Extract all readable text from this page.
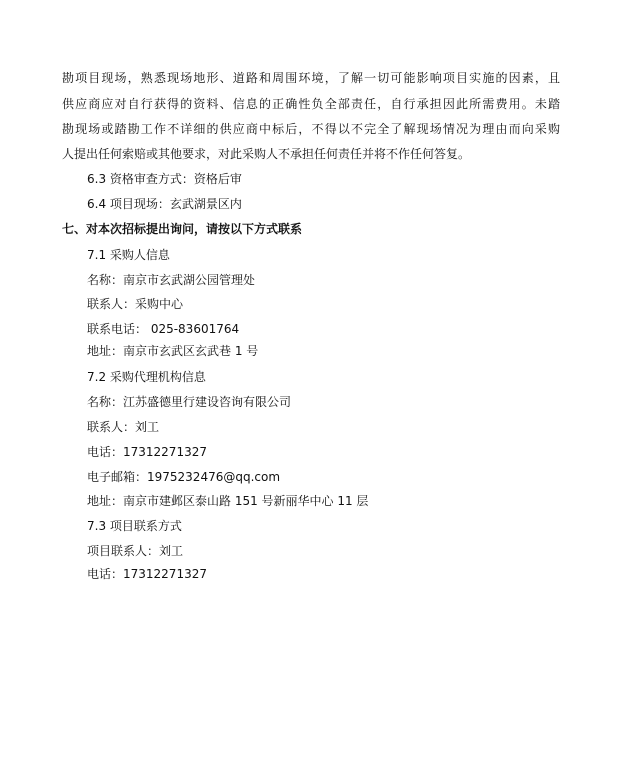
勘项目现场，熟悉现场地形、道路和周围环境，了解一切可能影响项目实施的因素，且
供应商应对自行获得的资料、信息的正确性负全部责任，自行承担因此所需费用。未踏
勘现场或踏勘工作不详细的供应商中标后，不得以不完全了解现场情况为理由而向采购
人提出任何索赔或其他要求，对此采购人不承担任何责任并将不作任何答复。
6.3 资格审查方式：资格后审
6.4 项目现场：玄武湖景区内
七、对本次招标提出询问，请按以下方式联系
7.1 采购人信息
名称：南京市玄武湖公园管理处
联系人：采购中心
联系电话： 025-83601764
地址：南京市玄武区玄武巷 1 号
7.2 采购代理机构信息
名称：江苏盛德里行建设咨询有限公司
联系人：刘工
电话：17312271327
电子邮箱：1975232476@qq.com
地址：南京市建邺区泰山路 151 号新丽华中心 11 层
7.3 项目联系方式
项目联系人：刘工
电话：17312271327
